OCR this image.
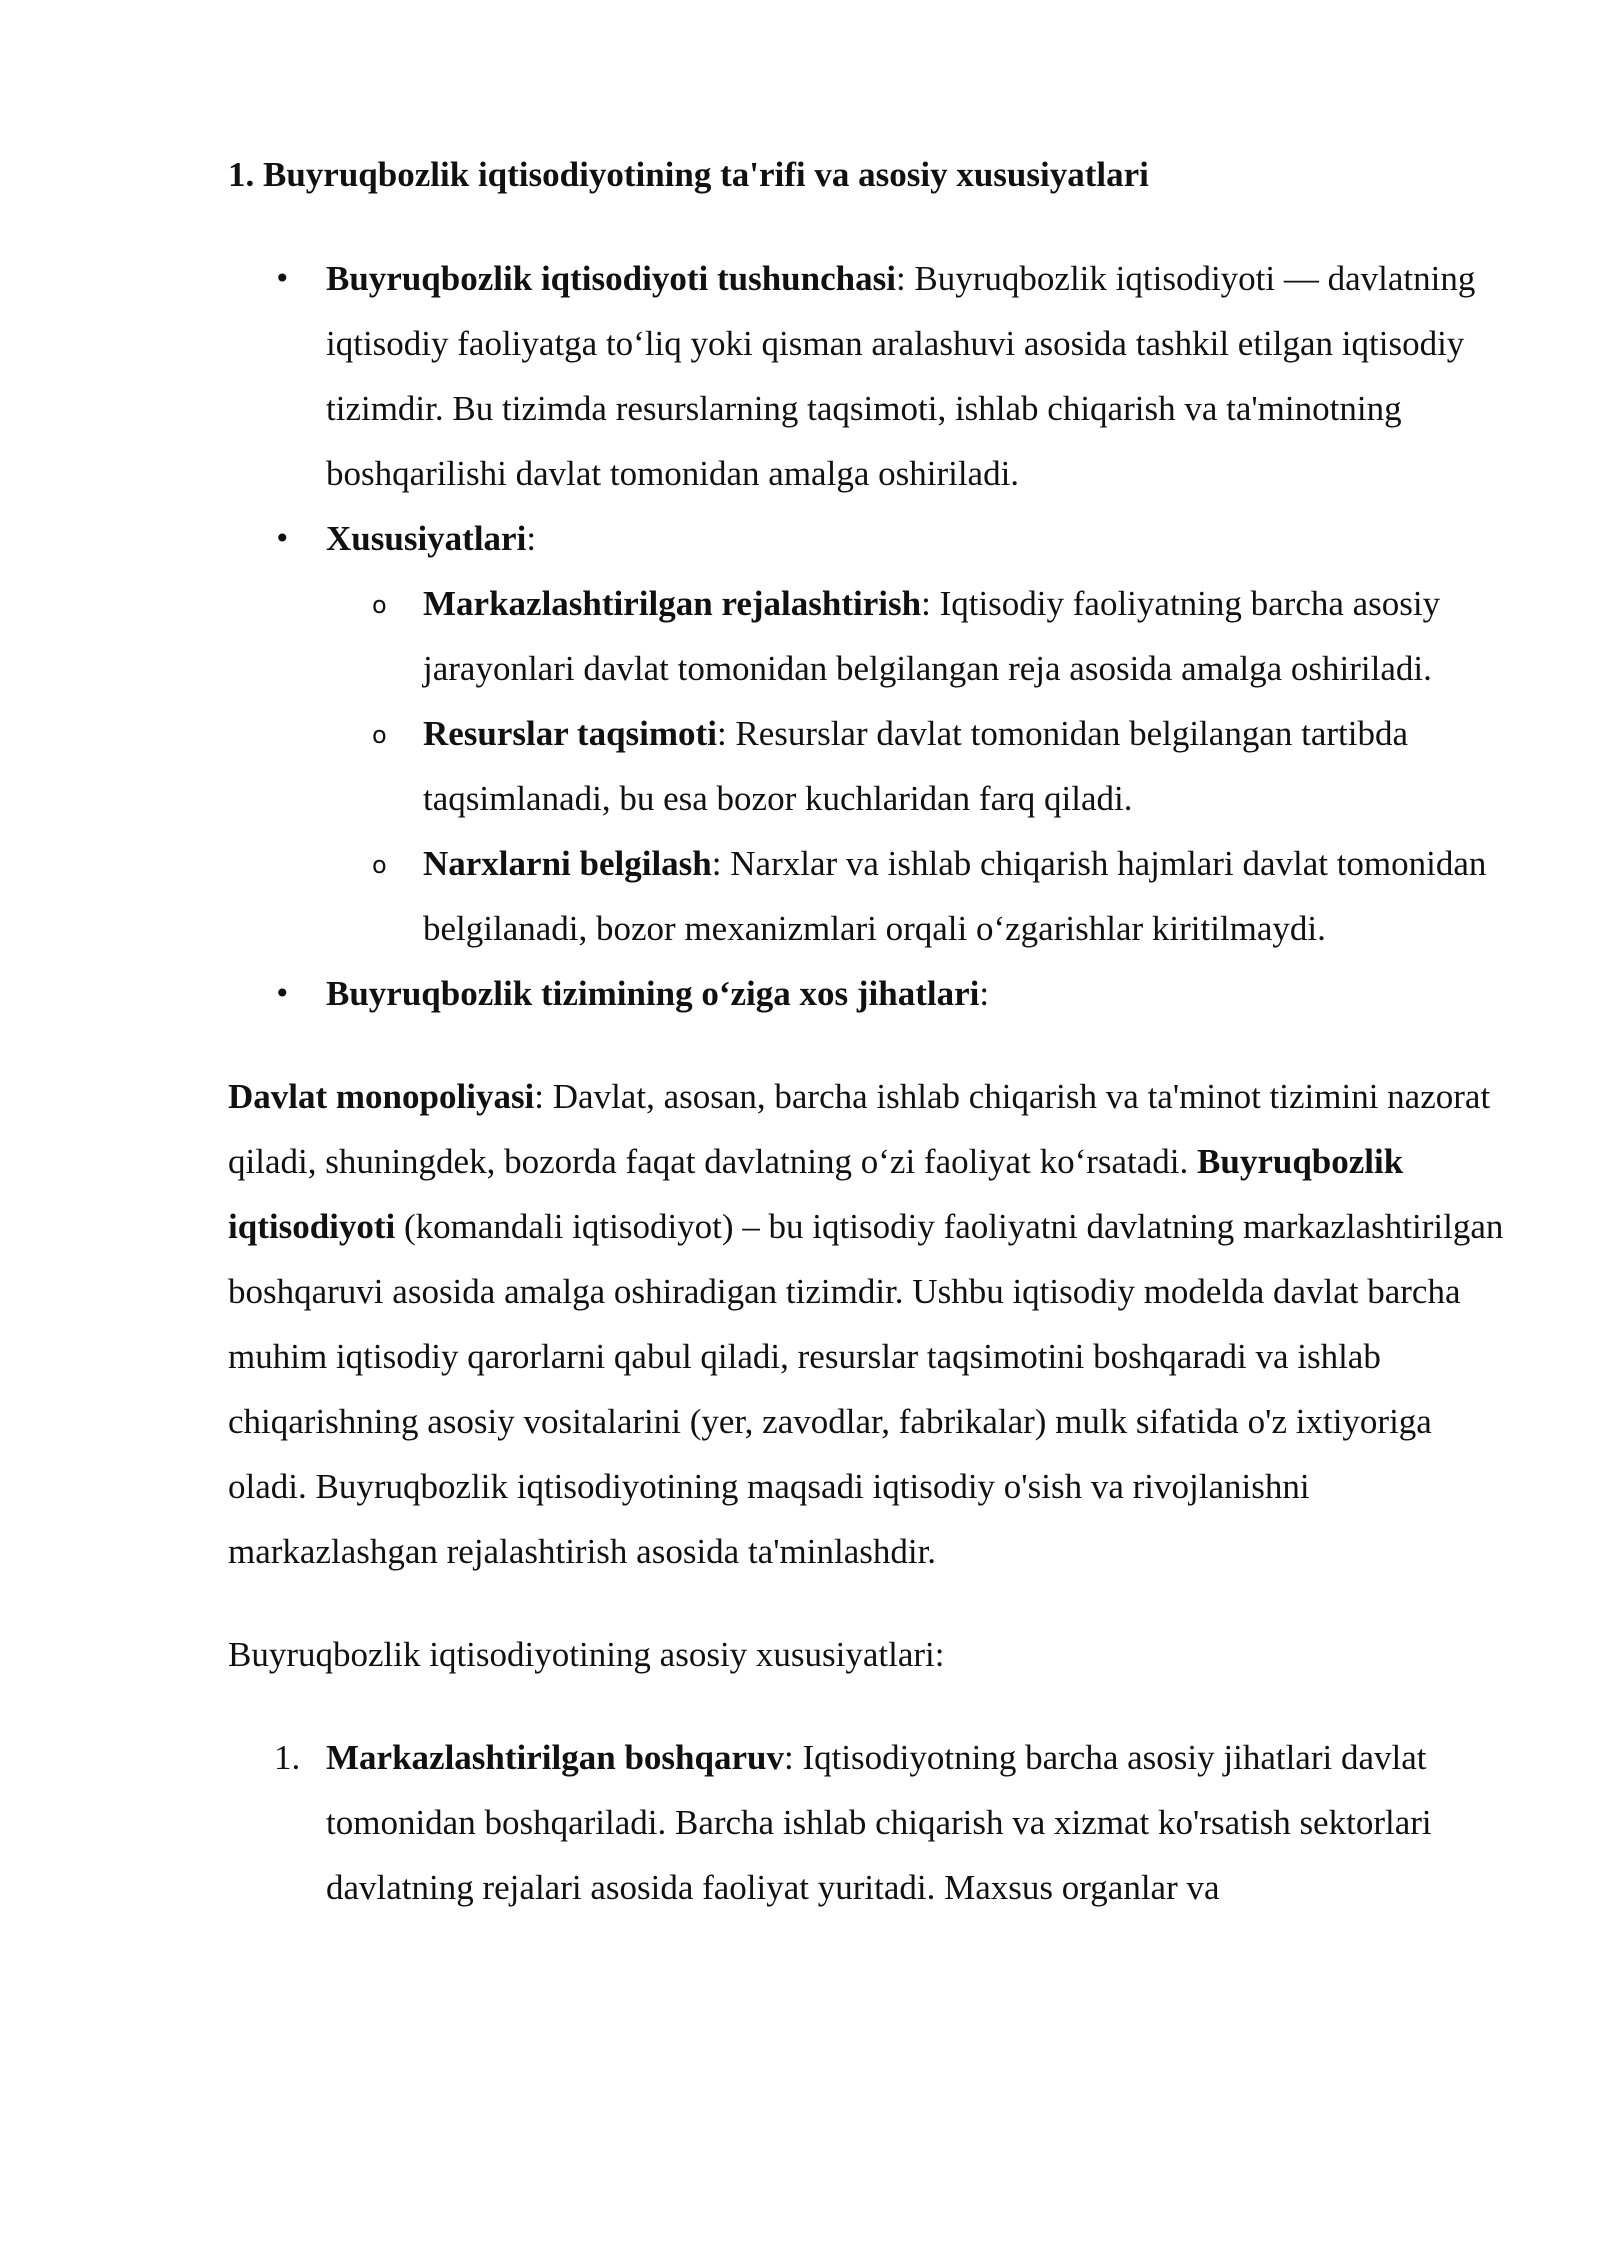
1. Buyruqbozlik iqtisodiyotining ta'rifi va asosiy xususiyatlari

• Buyruqbozlik iqtisodiyoti tushunchasi: Buyruqbozlik iqtisodiyoti — davlatning iqtisodiy faoliyatga to‘liq yoki qisman aralashuvi asosida tashkil etilgan iqtisodiy tizimdir. Bu tizimda resurslarning taqsimoti, ishlab chiqarish va ta'minotning boshqarilishi davlat tomonidan amalga oshiriladi.
• Xususiyatlari:
o Markazlashtirilgan rejalashtirish: Iqtisodiy faoliyatning barcha asosiy jarayonlari davlat tomonidan belgilangan reja asosida amalga oshiriladi.
o Resurslar taqsimoti: Resurslar davlat tomonidan belgilangan tartibda taqsimlanadi, bu esa bozor kuchlaridan farq qiladi.
o Narxlarni belgilash: Narxlar va ishlab chiqarish hajmlari davlat tomonidan belgilanadi, bozor mexanizmlari orqali o‘zgarishlar kiritilmaydi.
• Buyruqbozlik tizimining o‘ziga xos jihatlari:

Davlat monopoliyasi: Davlat, asosan, barcha ishlab chiqarish va ta'minot tizimini nazorat qiladi, shuningdek, bozorda faqat davlatning o‘zi faoliyat ko‘rsatadi. Buyruqbozlik iqtisodiyoti (komandali iqtisodiyot) – bu iqtisodiy faoliyatni davlatning markazlashtirilgan boshqaruvi asosida amalga oshiradigan tizimdir. Ushbu iqtisodiy modelda davlat barcha muhim iqtisodiy qarorlarni qabul qiladi, resurslar taqsimotini boshqaradi va ishlab chiqarishning asosiy vositalarini (yer, zavodlar, fabrikalar) mulk sifatida o'z ixtiyoriga oladi. Buyruqbozlik iqtisodiyotining maqsadi iqtisodiy o'sish va rivojlanishni markazlashgan rejalashtirish asosida ta'minlashdir.

Buyruqbozlik iqtisodiyotining asosiy xususiyatlari:

1. Markazlashtirilgan boshqaruv: Iqtisodiyotning barcha asosiy jihatlari davlat tomonidan boshqariladi. Barcha ishlab chiqarish va xizmat ko'rsatish sektorlari davlatning rejalari asosida faoliyat yuritadi. Maxsus organlar va
